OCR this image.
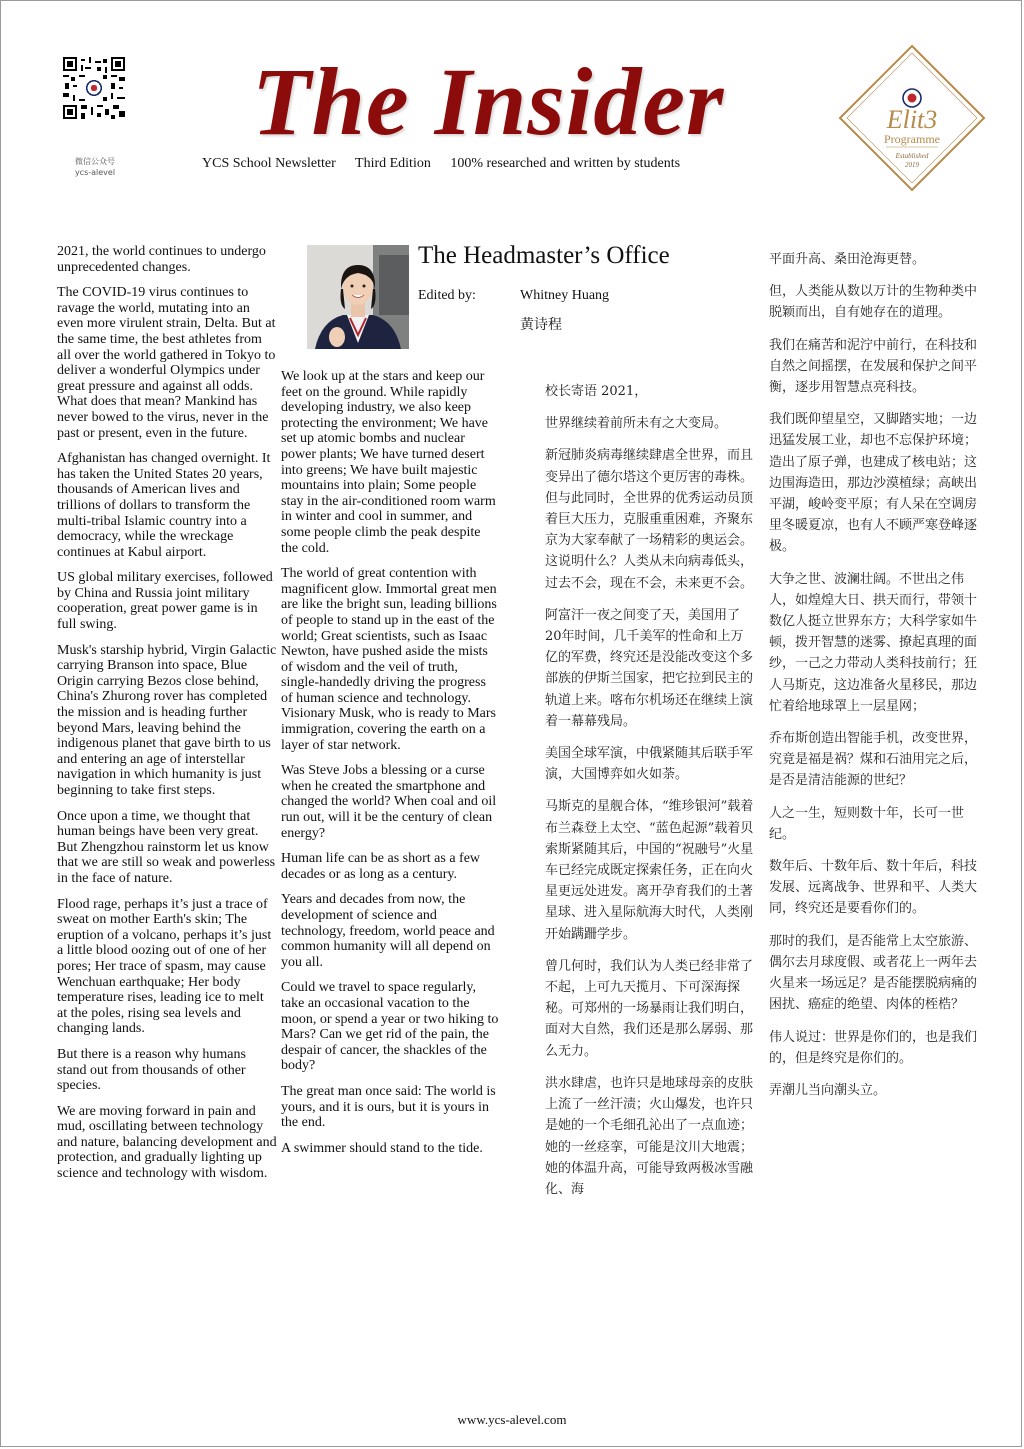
微信公众号
ycs-alevel
The Insider
YCS School Newsletter Third Edition 100% researched and written by students
Elit3
Programme
Established
2019

2021, the world continues to undergo unprecedented changes.

The COVID-19 virus continues to ravage the world, mutating into an even more virulent strain, Delta. But at the same time, the best athletes from all over the world gathered in Tokyo to deliver a wonderful Olympics under great pressure and against all odds. What does that mean? Mankind has never bowed to the virus, never in the past or present, even in the future.

Afghanistan has changed overnight. It has taken the United States 20 years, thousands of American lives and trillions of dollars to transform the multi-tribal Islamic country into a democracy, while the wreckage continues at Kabul airport.

US global military exercises, followed by China and Russia joint military cooperation, great power game is in full swing.

Musk's starship hybrid, Virgin Galactic carrying Branson into space, Blue Origin carrying Bezos close behind, China's Zhurong rover has completed the mission and is heading further beyond Mars, leaving behind the indigenous planet that gave birth to us and entering an age of interstellar navigation in which humanity is just beginning to take first steps.

Once upon a time, we thought that human beings have been very great. But Zhengzhou rainstorm let us know that we are still so weak and powerless in the face of nature.

Flood rage, perhaps it’s just a trace of sweat on mother Earth's skin; The eruption of a volcano, perhaps it’s just a little blood oozing out of one of her pores; Her trace of spasm, may cause Wenchuan earthquake; Her body temperature rises, leading ice to melt at the poles, rising sea levels and changing lands.

But there is a reason why humans stand out from thousands of other species.

We are moving forward in pain and mud, oscillating between technology and nature, balancing development and protection, and gradually lighting up science and technology with wisdom.

The Headmaster’s Office
Edited by:	Whitney Huang
黄诗程

We look up at the stars and keep our feet on the ground. While rapidly developing industry, we also keep protecting the environment; We have set up atomic bombs and nuclear power plants; We have turned desert into greens; We have built majestic mountains into plain; Some people stay in the air-conditioned room warm in winter and cool in summer, and some people climb the peak despite the cold.

The world of great contention with magnificent glow. Immortal great men are like the bright sun, leading billions of people to stand up in the east of the world; Great scientists, such as Isaac Newton, have pushed aside the mists of wisdom and the veil of truth, single-handedly driving the progress of human science and technology. Visionary Musk, who is ready to Mars immigration, covering the earth on a layer of star network.

Was Steve Jobs a blessing or a curse when he created the smartphone and changed the world? When coal and oil run out, will it be the century of clean energy?

Human life can be as short as a few decades or as long as a century.

Years and decades from now, the development of science and technology, freedom, world peace and common humanity will all depend on you all.

Could we travel to space regularly, take an occasional vacation to the moon, or spend a year or two hiking to Mars? Can we get rid of the pain, the despair of cancer, the shackles of the body?

The great man once said: The world is yours, and it is ours, but it is yours in the end.

A swimmer should stand to the tide.

校长寄语 2021，

世界继续着前所未有之大变局。

新冠肺炎病毒继续肆虐全世界，而且变异出了德尔塔这个更厉害的毒株。但与此同时，全世界的优秀运动员顶着巨大压力，克服重重困难，齐聚东京为大家奉献了一场精彩的奥运会。这说明什么？人类从未向病毒低头，过去不会，现在不会，未来更不会。

阿富汗一夜之间变了天，美国用了20年时间，几千美军的性命和上万亿的军费，终究还是没能改变这个多部族的伊斯兰国家，把它拉到民主的轨道上来。喀布尔机场还在继续上演着一幕幕残局。

美国全球军演，中俄紧随其后联手军演，大国博弈如火如荼。

马斯克的星舰合体，“维珍银河”载着布兰森登上太空、“蓝色起源”载着贝索斯紧随其后，中国的“祝融号”火星车已经完成既定探索任务，正在向火星更远处进发。离开孕育我们的土著星球、进入星际航海大时代，人类刚开始蹒跚学步。

曾几何时，我们认为人类已经非常了不起，上可九天揽月、下可深海探秘。可郑州的一场暴雨让我们明白，面对大自然，我们还是那么孱弱、那么无力。

洪水肆虐，也许只是地球母亲的皮肤上流了一丝汗渍；火山爆发，也许只是她的一个毛细孔沁出了一点血迹；她的一丝痉挛，可能是汶川大地震；她的体温升高，可能导致两极冰雪融化、海

平面升高、桑田沧海更替。

但，人类能从数以万计的生物种类中脱颖而出，自有她存在的道理。

我们在痛苦和泥泞中前行，在科技和自然之间摇摆，在发展和保护之间平衡，逐步用智慧点亮科技。

我们既仰望星空，又脚踏实地；一边迅猛发展工业，却也不忘保护环境；造出了原子弹，也建成了核电站；这边围海造田，那边沙漠植绿；高峡出平湖，峻岭变平原；有人呆在空调房里冬暖夏凉，也有人不顾严寒登峰逐极。

大争之世、波澜壮阔。不世出之伟人，如煌煌大日、拱天而行，带领十数亿人挺立世界东方；大科学家如牛顿，拨开智慧的迷雾、撩起真理的面纱，一己之力带动人类科技前行；狂人马斯克，这边准备火星移民，那边忙着给地球罩上一层星网；

乔布斯创造出智能手机，改变世界，究竟是福是祸？煤和石油用完之后，是否是清洁能源的世纪？

人之一生，短则数十年，长可一世纪。

数年后、十数年后、数十年后，科技发展、远离战争、世界和平、人类大同，终究还是要看你们的。

那时的我们，是否能常上太空旅游、偶尔去月球度假、或者花上一两年去火星来一场远足？是否能摆脱病痛的困扰、癌症的绝望、肉体的桎梏？

伟人说过：世界是你们的，也是我们的，但是终究是你们的。

弄潮儿当向潮头立。

www.ycs-alevel.com
